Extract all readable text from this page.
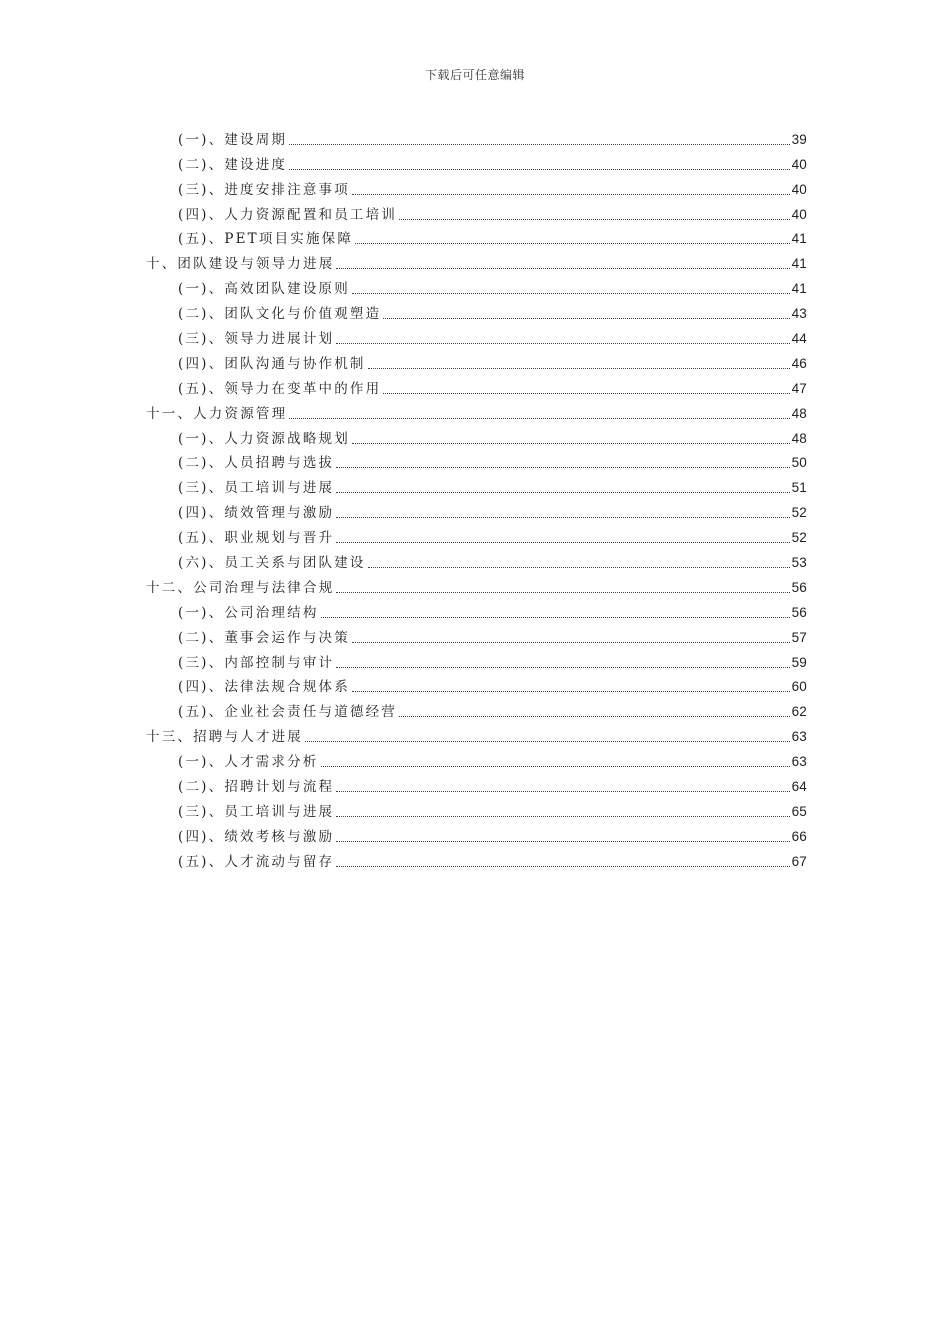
下载后可任意编辑
(一)、建设周期	39
(二)、建设进度	40
(三)、进度安排注意事项	40
(四)、人力资源配置和员工培训	40
(五)、PET项目实施保障	41
十、团队建设与领导力进展	41
(一)、高效团队建设原则	41
(二)、团队文化与价值观塑造	43
(三)、领导力进展计划	44
(四)、团队沟通与协作机制	46
(五)、领导力在变革中的作用	47
十一、人力资源管理	48
(一)、人力资源战略规划	48
(二)、人员招聘与选拔	50
(三)、员工培训与进展	51
(四)、绩效管理与激励	52
(五)、职业规划与晋升	52
(六)、员工关系与团队建设	53
十二、公司治理与法律合规	56
(一)、公司治理结构	56
(二)、董事会运作与决策	57
(三)、内部控制与审计	59
(四)、法律法规合规体系	60
(五)、企业社会责任与道德经营	62
十三、招聘与人才进展	63
(一)、人才需求分析	63
(二)、招聘计划与流程	64
(三)、员工培训与进展	65
(四)、绩效考核与激励	66
(五)、人才流动与留存	67
